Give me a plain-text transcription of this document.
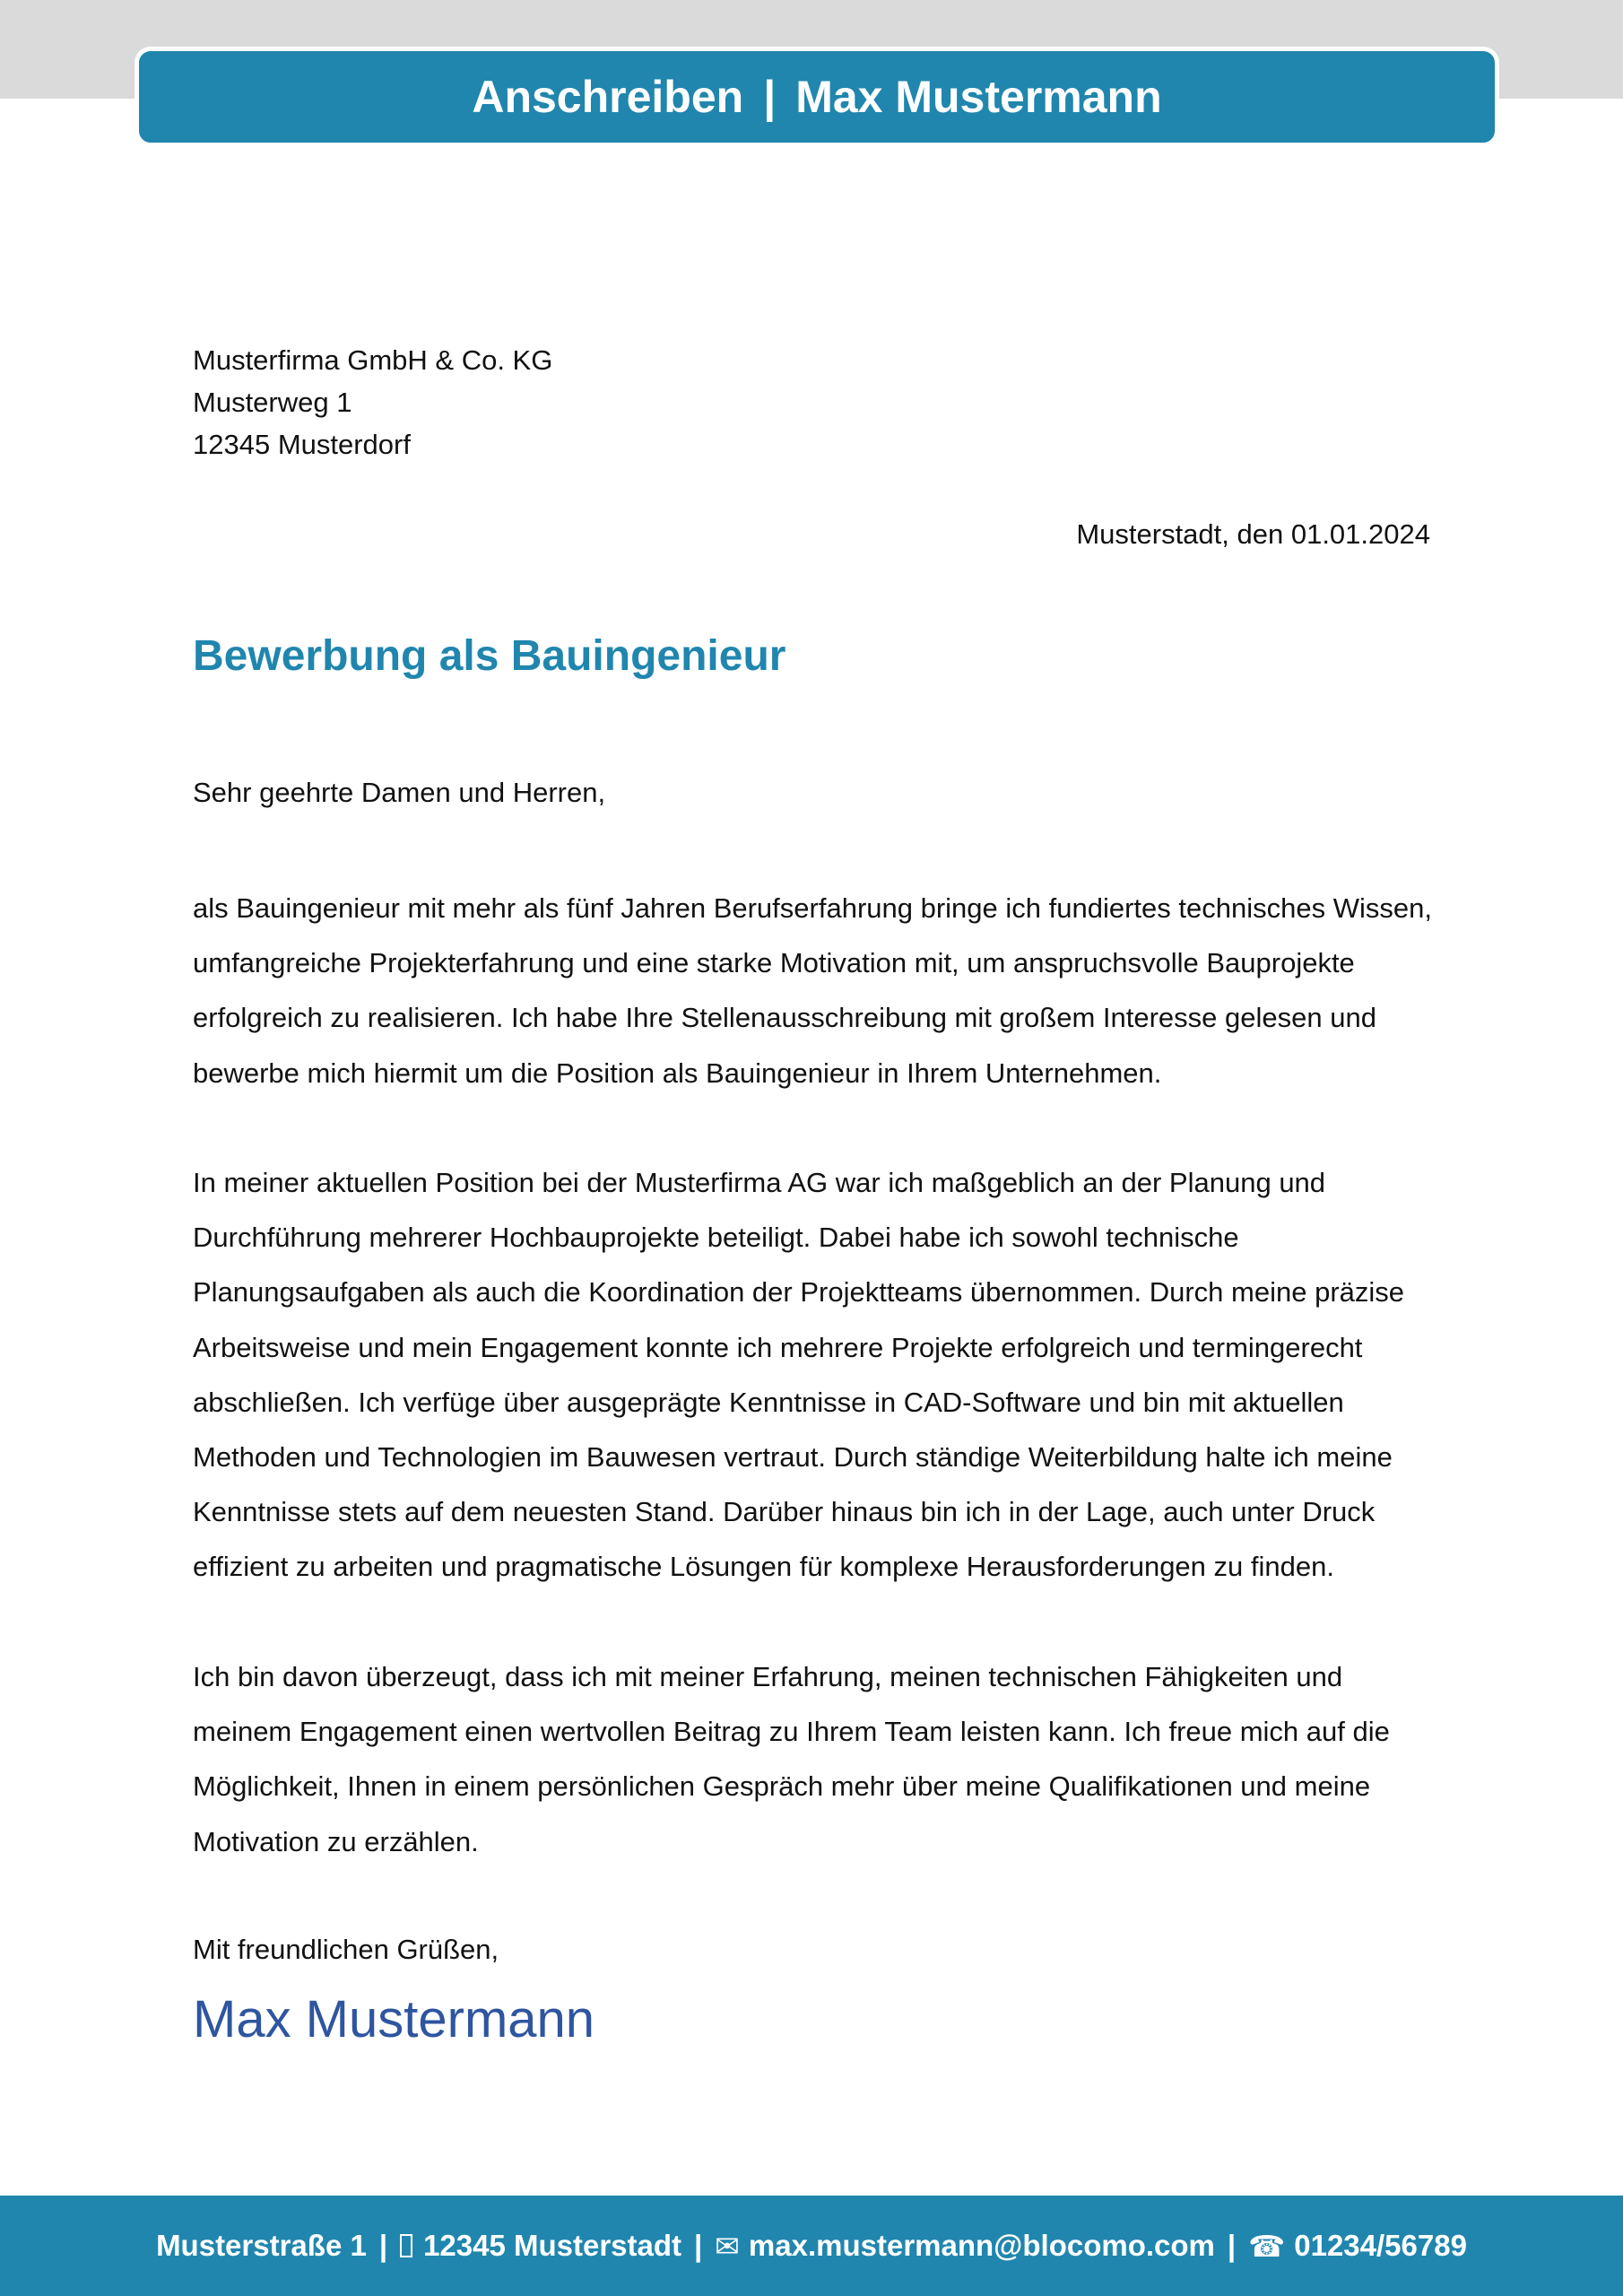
Anschreiben | Max Mustermann
Musterfirma GmbH & Co. KG
Musterweg 1
12345 Musterdorf
Musterstadt, den 01.01.2024
Bewerbung als Bauingenieur
Sehr geehrte Damen und Herren,
als Bauingenieur mit mehr als fünf Jahren Berufserfahrung bringe ich fundiertes technisches Wissen,
umfangreiche Projekterfahrung und eine starke Motivation mit, um anspruchsvolle Bauprojekte
erfolgreich zu realisieren. Ich habe Ihre Stellenausschreibung mit großem Interesse gelesen und
bewerbe mich hiermit um die Position als Bauingenieur in Ihrem Unternehmen.
In meiner aktuellen Position bei der Musterfirma AG war ich maßgeblich an der Planung und
Durchführung mehrerer Hochbauprojekte beteiligt. Dabei habe ich sowohl technische
Planungsaufgaben als auch die Koordination der Projektteams übernommen. Durch meine präzise
Arbeitsweise und mein Engagement konnte ich mehrere Projekte erfolgreich und termingerecht
abschließen. Ich verfüge über ausgeprägte Kenntnisse in CAD-Software und bin mit aktuellen
Methoden und Technologien im Bauwesen vertraut. Durch ständige Weiterbildung halte ich meine
Kenntnisse stets auf dem neuesten Stand. Darüber hinaus bin ich in der Lage, auch unter Druck
effizient zu arbeiten und pragmatische Lösungen für komplexe Herausforderungen zu finden.
Ich bin davon überzeugt, dass ich mit meiner Erfahrung, meinen technischen Fähigkeiten und
meinem Engagement einen wertvollen Beitrag zu Ihrem Team leisten kann. Ich freue mich auf die
Möglichkeit, Ihnen in einem persönlichen Gespräch mehr über meine Qualifikationen und meine
Motivation zu erzählen.
Mit freundlichen Grüßen,
Max Mustermann
Musterstraße 1 | 12345 Musterstadt | ✉ max.mustermann@blocomo.com | ☎ 01234/56789
